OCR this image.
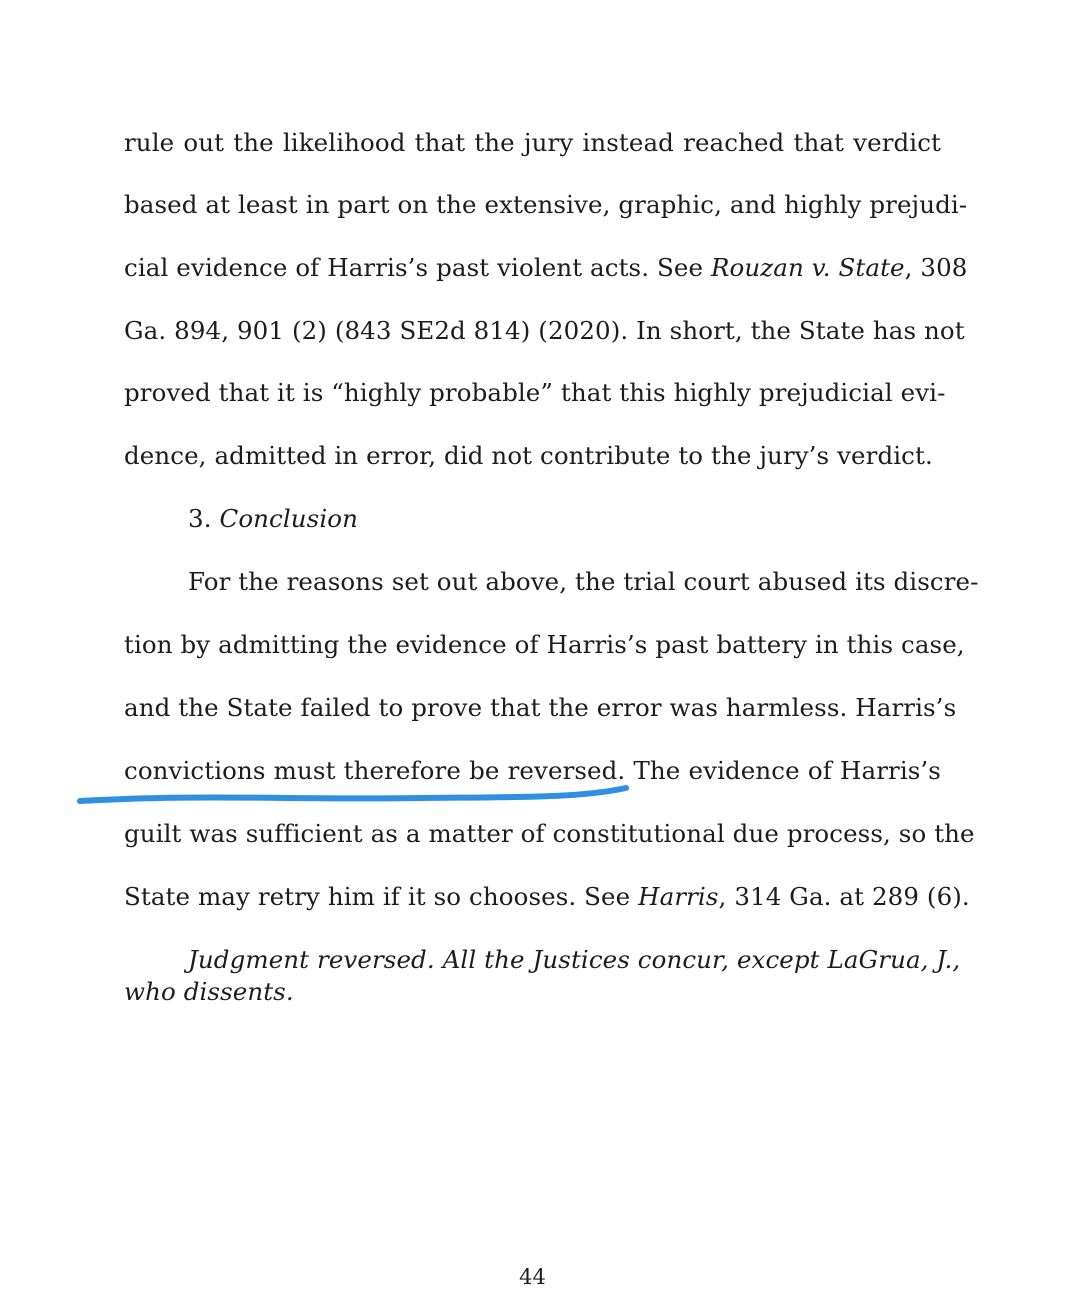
rule out the likelihood that the jury instead reached that verdict
based at least in part on the extensive, graphic, and highly prejudi-
cial evidence of Harris’s past violent acts. See Rouzan v. State, 308
Ga. 894, 901 (2) (843 SE2d 814) (2020). In short, the State has not
proved that it is “highly probable” that this highly prejudicial evi-
dence, admitted in error, did not contribute to the jury’s verdict.
3. Conclusion
For the reasons set out above, the trial court abused its discre-
tion by admitting the evidence of Harris’s past battery in this case,
and the State failed to prove that the error was harmless. Harris’s
convictions must therefore be reversed. The evidence of Harris’s
guilt was sufficient as a matter of constitutional due process, so the
State may retry him if it so chooses. See Harris, 314 Ga. at 289 (6).
Judgment reversed. All the Justices concur, except LaGrua, J.,
who dissents.
44
